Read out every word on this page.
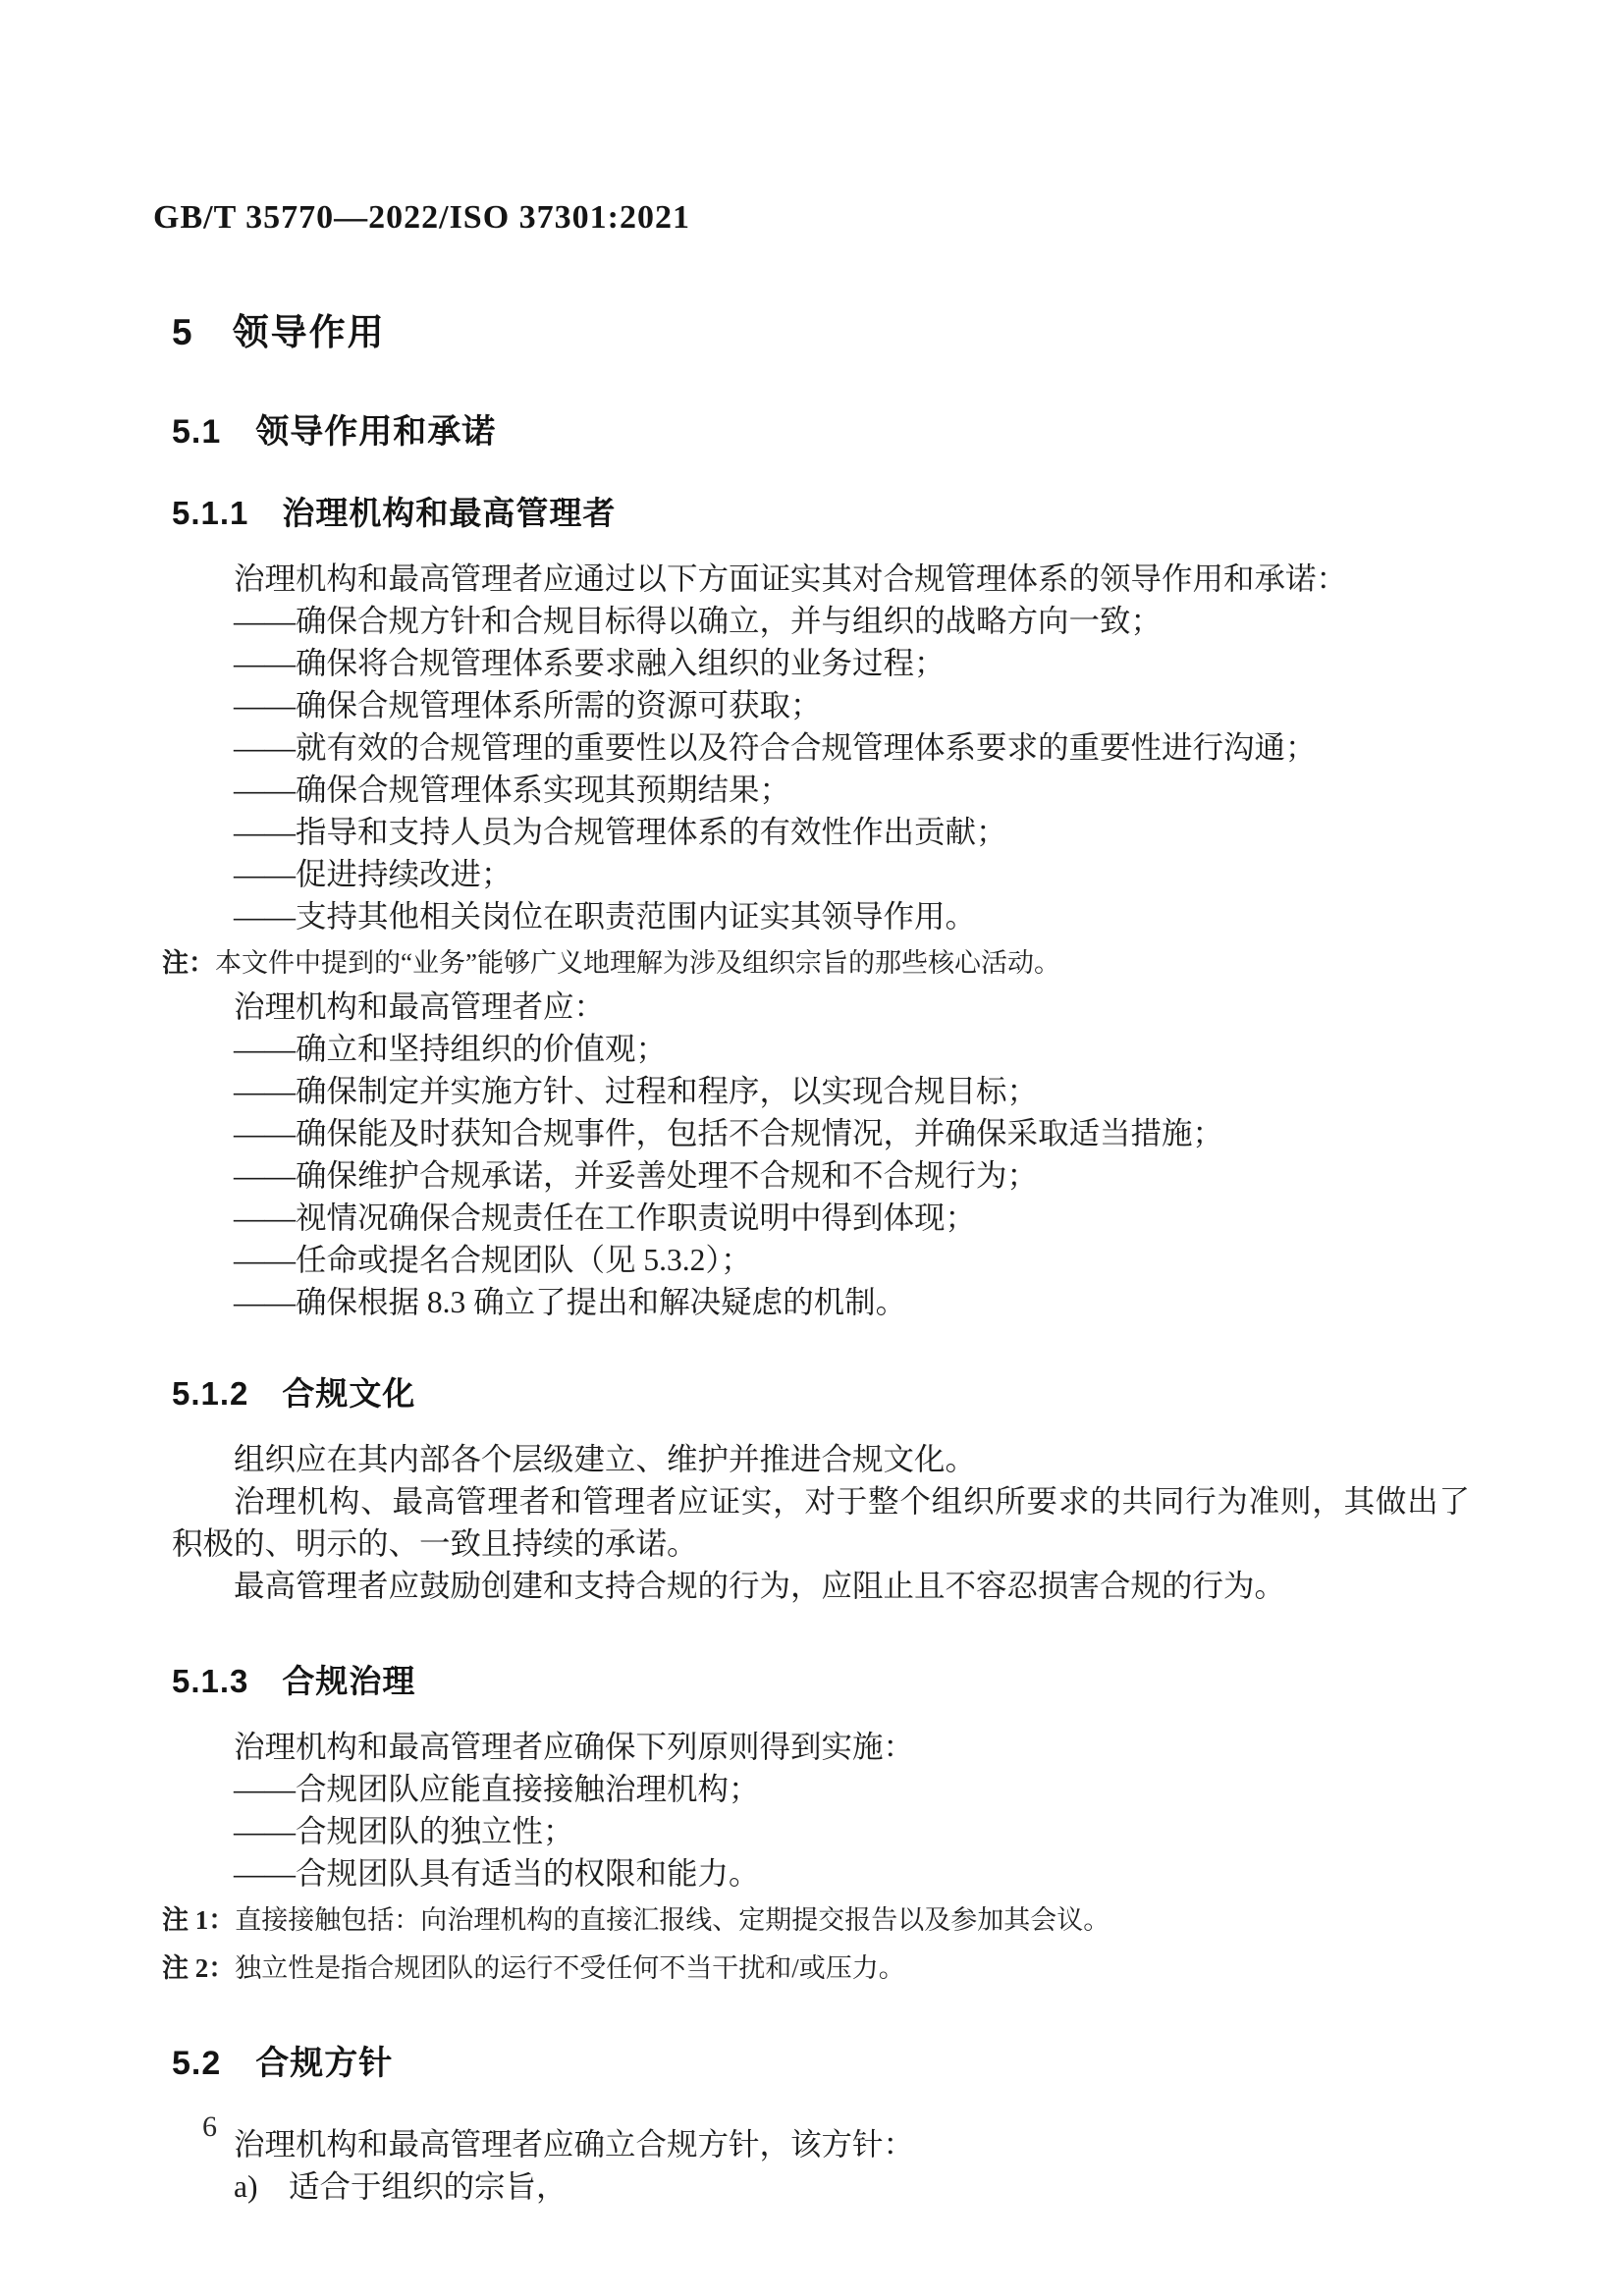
GB/T 35770—2022/ISO 37301:2021
5　领导作用
5.1　领导作用和承诺
5.1.1　治理机构和最高管理者

治理机构和最高管理者应通过以下方面证实其对合规管理体系的领导作用和承诺：

——确保合规方针和合规目标得以确立，并与组织的战略方向一致；

——确保将合规管理体系要求融入组织的业务过程；

——确保合规管理体系所需的资源可获取；

——就有效的合规管理的重要性以及符合合规管理体系要求的重要性进行沟通；

——确保合规管理体系实现其预期结果；

——指导和支持人员为合规管理体系的有效性作出贡献；

——促进持续改进；

——支持其他相关岗位在职责范围内证实其领导作用。

注：本文件中提到的“业务”能够广义地理解为涉及组织宗旨的那些核心活动。

治理机构和最高管理者应：

——确立和坚持组织的价值观；

——确保制定并实施方针、过程和程序，以实现合规目标；

——确保能及时获知合规事件，包括不合规情况，并确保采取适当措施；

——确保维护合规承诺，并妥善处理不合规和不合规行为；

——视情况确保合规责任在工作职责说明中得到体现；

——任命或提名合规团队（见 5.3.2）；

——确保根据 8.3 确立了提出和解决疑虑的机制。

5.1.2　合规文化

组织应在其内部各个层级建立、维护并推进合规文化。

治理机构、最高管理者和管理者应证实，对于整个组织所要求的共同行为准则，其做出了积极的、明示的、一致且持续的承诺。

最高管理者应鼓励创建和支持合规的行为，应阻止且不容忍损害合规的行为。

5.1.3　合规治理

治理机构和最高管理者应确保下列原则得到实施：

——合规团队应能直接接触治理机构；

——合规团队的独立性；

——合规团队具有适当的权限和能力。

注 1：直接接触包括：向治理机构的直接汇报线、定期提交报告以及参加其会议。

注 2：独立性是指合规团队的运行不受任何不当干扰和/或压力。

5.2　合规方针

治理机构和最高管理者应确立合规方针，该方针：

a)　适合于组织的宗旨，

6
